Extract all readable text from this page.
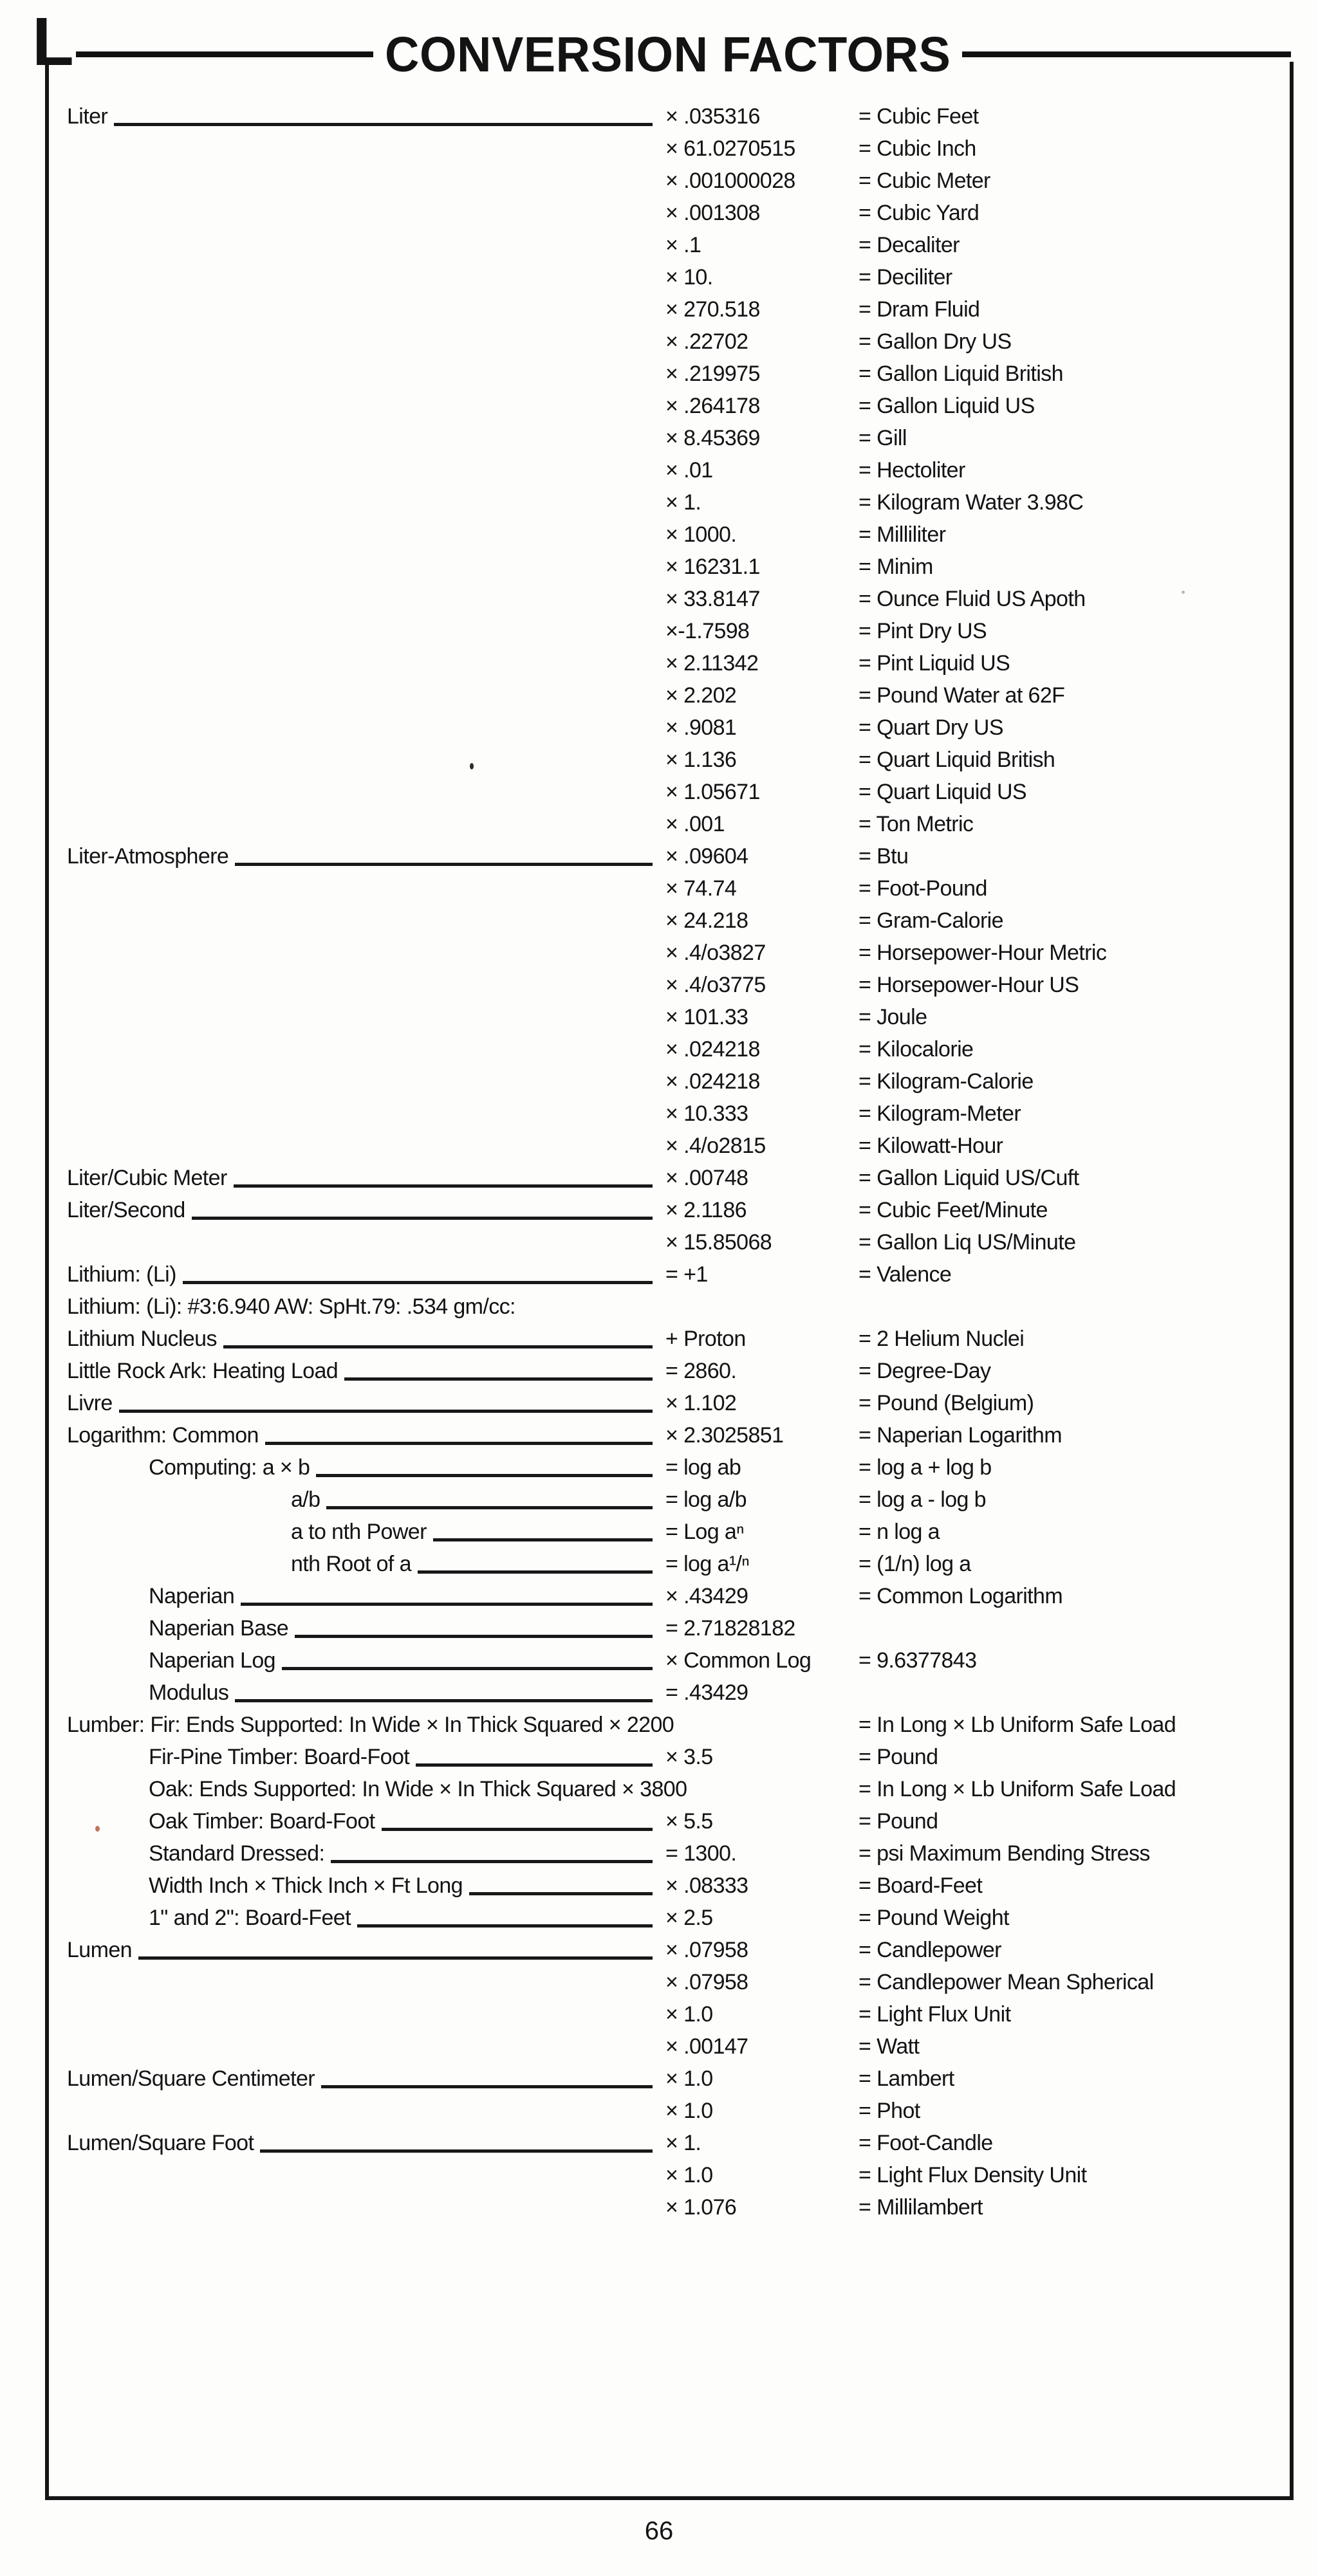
L	CONVERSION FACTORS
Liter	× .035316	= Cubic Feet
× 61.0270515	= Cubic Inch
× .001000028	= Cubic Meter
× .001308	= Cubic Yard
× .1	= Decaliter
× 10.	= Deciliter
× 270.518	= Dram Fluid
× .22702	= Gallon Dry US
× .219975	= Gallon Liquid British
× .264178	= Gallon Liquid US
× 8.45369	= Gill
× .01	= Hectoliter
× 1.	= Kilogram Water 3.98C
× 1000.	= Milliliter
× 16231.1	= Minim
× 33.8147	= Ounce Fluid US Apoth
×-1.7598	= Pint Dry US
× 2.11342	= Pint Liquid US
× 2.202	= Pound Water at 62F
× .9081	= Quart Dry US
× 1.136	= Quart Liquid British
× 1.05671	= Quart Liquid US
× .001	= Ton Metric
Liter-Atmosphere	× .09604	= Btu
× 74.74	= Foot-Pound
× 24.218	= Gram-Calorie
× .4/o3827	= Horsepower-Hour Metric
× .4/o3775	= Horsepower-Hour US
× 101.33	= Joule
× .024218	= Kilocalorie
× .024218	= Kilogram-Calorie
× 10.333	= Kilogram-Meter
× .4/o2815	= Kilowatt-Hour
Liter/Cubic Meter	× .00748	= Gallon Liquid US/Cuft
Liter/Second	× 2.1186	= Cubic Feet/Minute
× 15.85068	= Gallon Liq US/Minute
Lithium: (Li)	= +1	= Valence
Lithium: (Li): #3:6.940 AW: SpHt.79: .534 gm/cc:
Lithium Nucleus	+ Proton	= 2 Helium Nuclei
Little Rock Ark: Heating Load	= 2860.	= Degree-Day
Livre	× 1.102	= Pound (Belgium)
Logarithm: Common	× 2.3025851	= Naperian Logarithm
Computing: a × b	= log ab	= log a + log b
a/b	= log a/b	= log a - log b
a to nth Power	= Log aⁿ	= n log a
nth Root of a	= log a¹/ⁿ	= (1/n) log a
Naperian	× .43429	= Common Logarithm
Naperian Base	= 2.71828182
Naperian Log	× Common Log	= 9.6377843
Modulus	= .43429
Lumber: Fir: Ends Supported: In Wide × In Thick Squared × 2200	= In Long × Lb Uniform Safe Load
Fir-Pine Timber: Board-Foot	× 3.5	= Pound
Oak: Ends Supported: In Wide × In Thick Squared × 3800	= In Long × Lb Uniform Safe Load
Oak Timber: Board-Foot	× 5.5	= Pound
Standard Dressed:	= 1300.	= psi Maximum Bending Stress
Width Inch × Thick Inch × Ft Long	× .08333	= Board-Feet
1" and 2": Board-Feet	× 2.5	= Pound Weight
Lumen	× .07958	= Candlepower
× .07958	= Candlepower Mean Spherical
× 1.0	= Light Flux Unit
× .00147	= Watt
Lumen/Square Centimeter	× 1.0	= Lambert
× 1.0	= Phot
Lumen/Square Foot	× 1.	= Foot-Candle
× 1.0	= Light Flux Density Unit
× 1.076	= Millilambert
66
